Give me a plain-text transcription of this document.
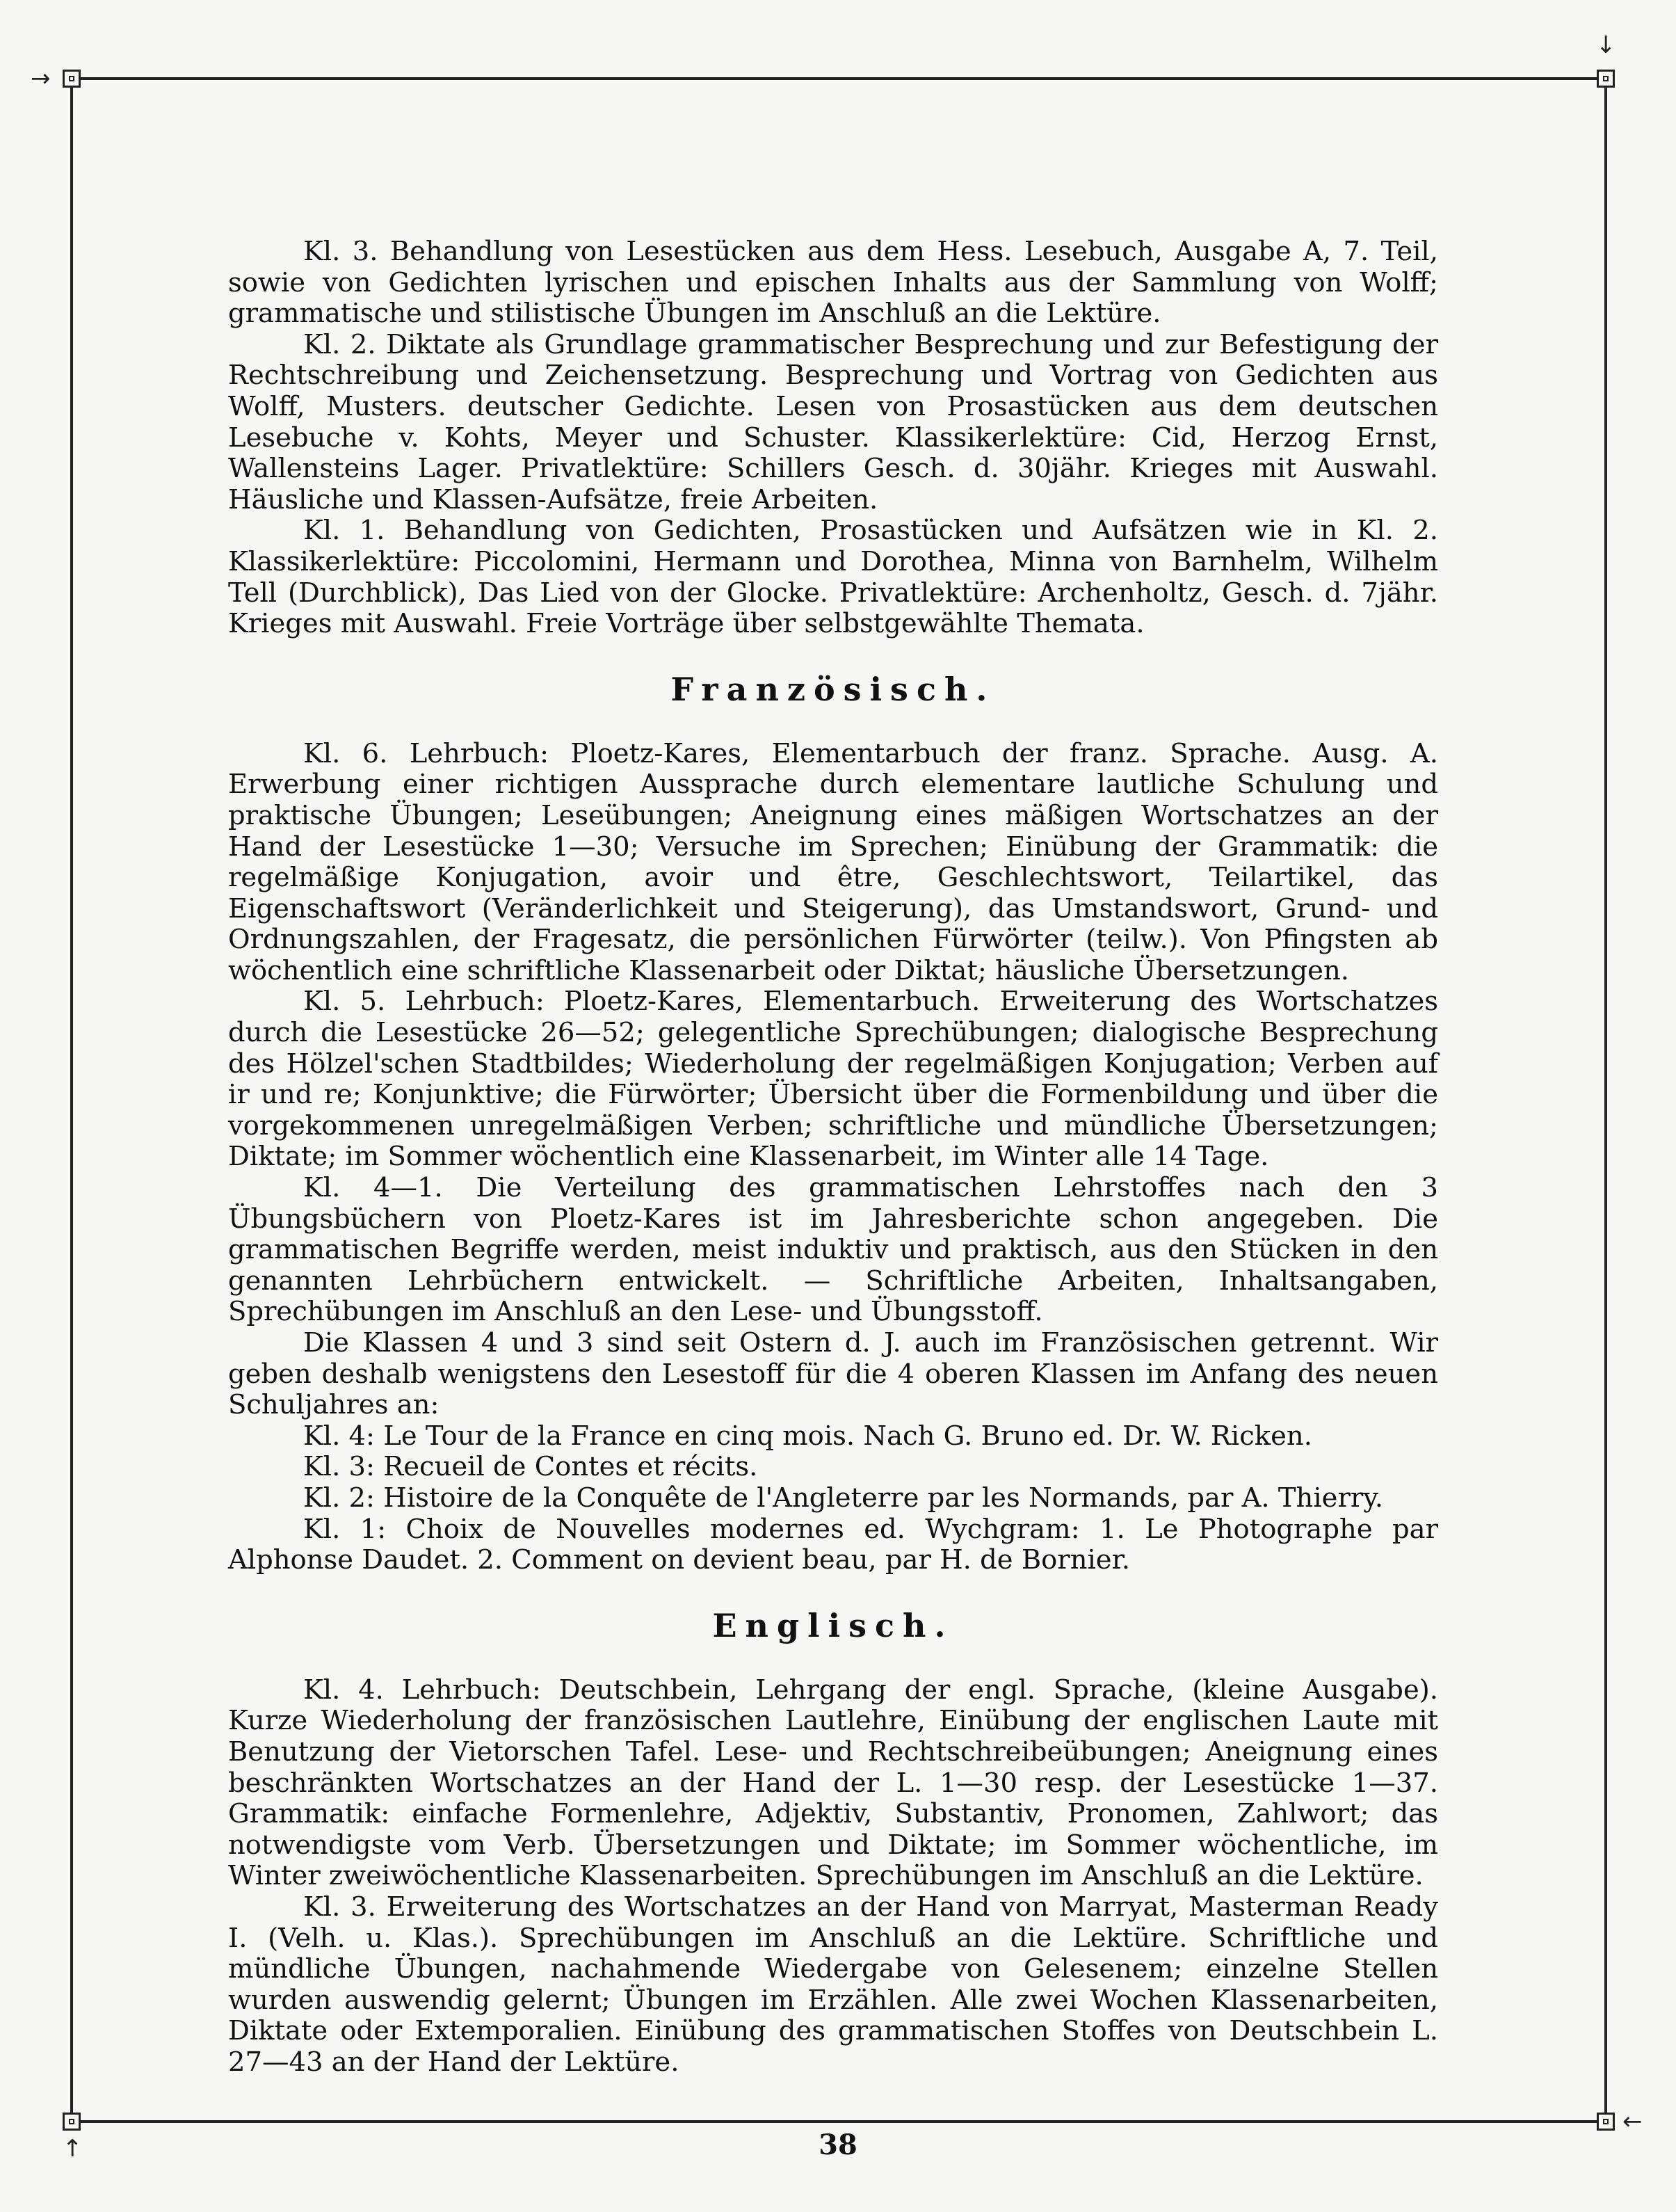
→
↓
↑
←

Kl. 3. Behandlung von Lesestücken aus dem Hess. Lesebuch, Ausgabe A, 7. Teil, sowie von Gedichten lyrischen und epischen Inhalts aus der Sammlung von Wolff; grammatische und stilistische Übungen im Anschluß an die Lektüre.

Kl. 2. Diktate als Grundlage grammatischer Besprechung und zur Befestigung der Rechtschreibung und Zeichensetzung. Besprechung und Vortrag von Gedichten aus Wolff, Musters. deutscher Gedichte. Lesen von Prosastücken aus dem deutschen Lesebuche v. Kohts, Meyer und Schuster. Klassikerlektüre: Cid, Herzog Ernst, Wallensteins Lager. Privatlektüre: Schillers Gesch. d. 30jähr. Krieges mit Auswahl. Häusliche und Klassen-Aufsätze, freie Arbeiten.

Kl. 1. Behandlung von Gedichten, Prosastücken und Aufsätzen wie in Kl. 2. Klassikerlektüre: Piccolomini, Hermann und Dorothea, Minna von Barnhelm, Wilhelm Tell (Durchblick), Das Lied von der Glocke. Privatlektüre: Archenholtz, Gesch. d. 7jähr. Krieges mit Auswahl. Freie Vorträge über selbstgewählte Themata.

Französisch.

Kl. 6. Lehrbuch: Ploetz-Kares, Elementarbuch der franz. Sprache. Ausg. A. Erwerbung einer richtigen Aussprache durch elementare lautliche Schulung und praktische Übungen; Leseübungen; Aneignung eines mäßigen Wortschatzes an der Hand der Lesestücke 1—30; Versuche im Sprechen; Einübung der Grammatik: die regelmäßige Konjugation, avoir und être, Geschlechtswort, Teilartikel, das Eigenschaftswort (Veränderlichkeit und Steigerung), das Umstandswort, Grund- und Ordnungszahlen, der Fragesatz, die persönlichen Fürwörter (teilw.). Von Pfingsten ab wöchentlich eine schriftliche Klassenarbeit oder Diktat; häusliche Übersetzungen.

Kl. 5. Lehrbuch: Ploetz-Kares, Elementarbuch. Erweiterung des Wortschatzes durch die Lesestücke 26—52; gelegentliche Sprechübungen; dialogische Besprechung des Hölzel'schen Stadtbildes; Wiederholung der regelmäßigen Konjugation; Verben auf ir und re; Konjunktive; die Fürwörter; Übersicht über die Formenbildung und über die vorgekommenen unregelmäßigen Verben; schriftliche und mündliche Übersetzungen; Diktate; im Sommer wöchentlich eine Klassenarbeit, im Winter alle 14 Tage.

Kl. 4—1. Die Verteilung des grammatischen Lehrstoffes nach den 3 Übungsbüchern von Ploetz-Kares ist im Jahresberichte schon angegeben. Die grammatischen Begriffe werden, meist induktiv und praktisch, aus den Stücken in den genannten Lehrbüchern entwickelt. — Schriftliche Arbeiten, Inhaltsangaben, Sprechübungen im Anschluß an den Lese- und Übungsstoff.

Die Klassen 4 und 3 sind seit Ostern d. J. auch im Französischen getrennt. Wir geben deshalb wenigstens den Lesestoff für die 4 oberen Klassen im Anfang des neuen Schuljahres an:

Kl. 4: Le Tour de la France en cinq mois. Nach G. Bruno ed. Dr. W. Ricken.

Kl. 3: Recueil de Contes et récits.

Kl. 2: Histoire de la Conquête de l'Angleterre par les Normands, par A. Thierry.

Kl. 1: Choix de Nouvelles modernes ed. Wychgram: 1. Le Photographe par Alphonse Daudet. 2. Comment on devient beau, par H. de Bornier.

Englisch.

Kl. 4. Lehrbuch: Deutschbein, Lehrgang der engl. Sprache, (kleine Ausgabe). Kurze Wiederholung der französischen Lautlehre, Einübung der englischen Laute mit Benutzung der Vietorschen Tafel. Lese- und Rechtschreibeübungen; Aneignung eines beschränkten Wortschatzes an der Hand der L. 1—30 resp. der Lesestücke 1—37. Grammatik: einfache Formenlehre, Adjektiv, Substantiv, Pronomen, Zahlwort; das notwendigste vom Verb. Übersetzungen und Diktate; im Sommer wöchentliche, im Winter zweiwöchentliche Klassenarbeiten. Sprechübungen im Anschluß an die Lektüre.

Kl. 3. Erweiterung des Wortschatzes an der Hand von Marryat, Masterman Ready I. (Velh. u. Klas.). Sprechübungen im Anschluß an die Lektüre. Schriftliche und mündliche Übungen, nachahmende Wiedergabe von Gelesenem; einzelne Stellen wurden auswendig gelernt; Übungen im Erzählen. Alle zwei Wochen Klassenarbeiten, Diktate oder Extemporalien. Einübung des grammatischen Stoffes von Deutschbein L. 27—43 an der Hand der Lektüre.

38
